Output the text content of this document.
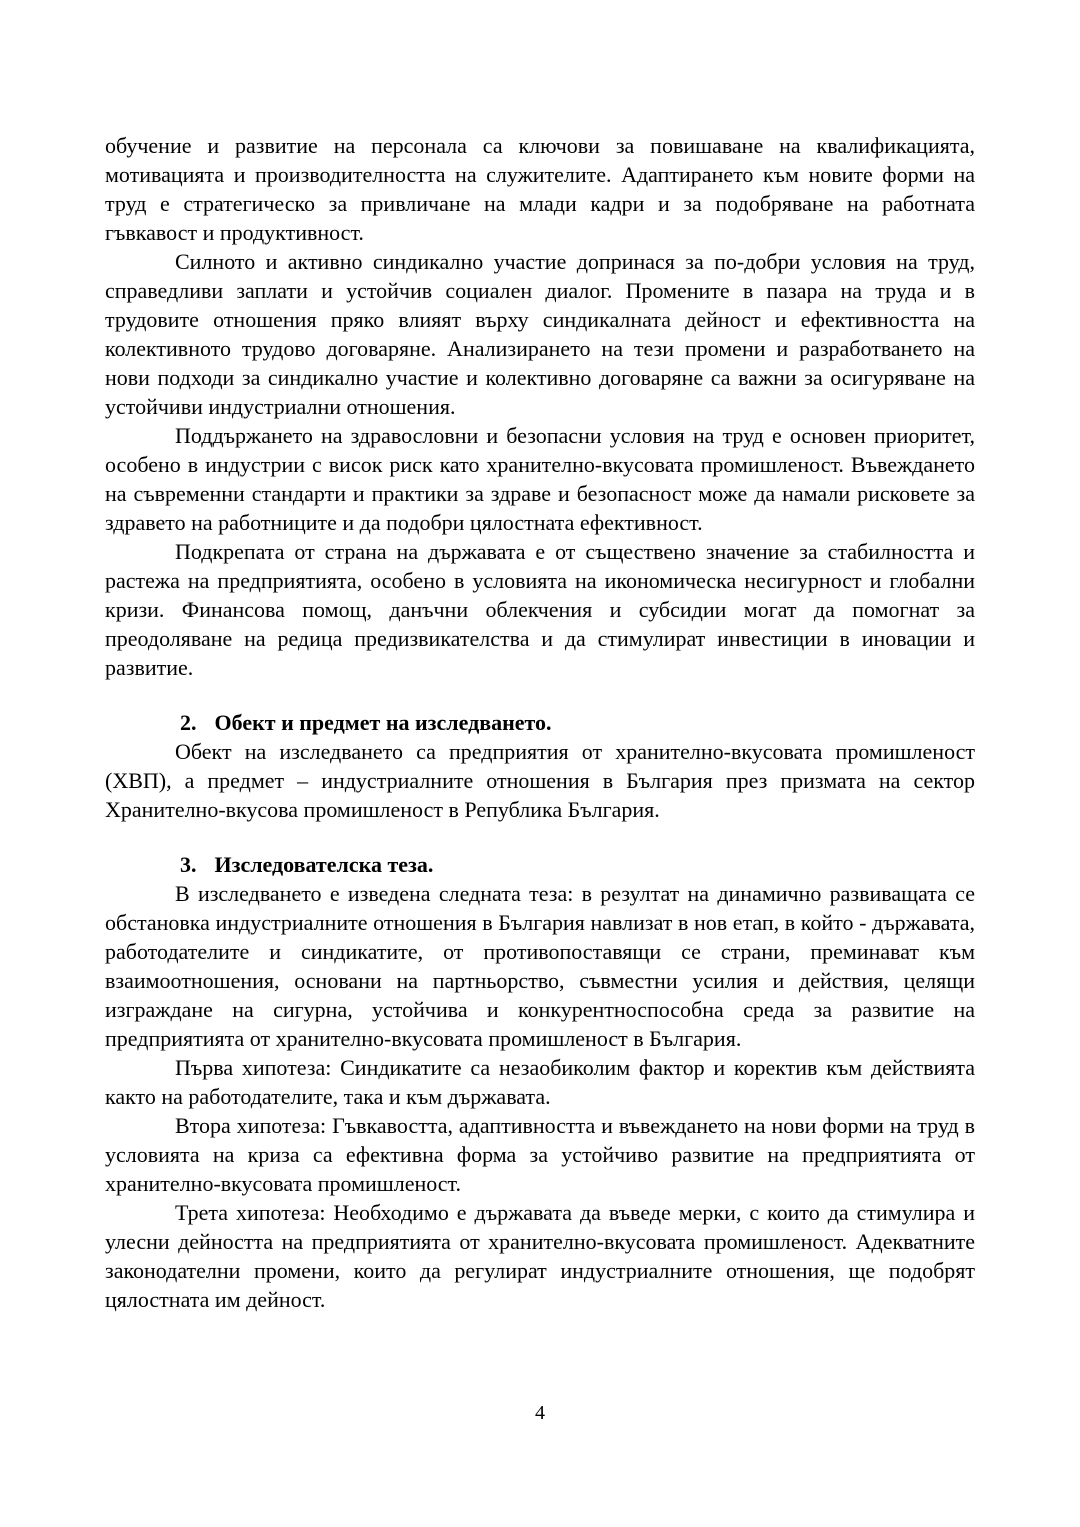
обучение и развитие на персонала са ключови за повишаване на квалификацията, мотивацията и производителността на служителите. Адаптирането към новите форми на труд е стратегическо за привличане на млади кадри и за подобряване на работната гъвкавост и продуктивност.

Силното и активно синдикално участие допринася за по-добри условия на труд, справедливи заплати и устойчив социален диалог. Промените в пазара на труда и в трудовите отношения пряко влияят върху синдикалната дейност и ефективността на колективното трудово договаряне. Анализирането на тези промени и разработването на нови подходи за синдикално участие и колективно договаряне са важни за осигуряване на устойчиви индустриални отношения.

Поддържането на здравословни и безопасни условия на труд е основен приоритет, особено в индустрии с висок риск като хранително-вкусовата промишленост. Въвеждането на съвременни стандарти и практики за здраве и безопасност може да намали рисковете за здравето на работниците и да подобри цялостната ефективност.

Подкрепата от страна на държавата е от съществено значение за стабилността и растежа на предприятията, особено в условията на икономическа несигурност и глобални кризи. Финансова помощ, данъчни облекчения и субсидии могат да помогнат за преодоляване на редица предизвикателства и да стимулират инвестиции в иновации и развитие.

2. Обект и предмет на изследването.

Обект на изследването са предприятия от хранително-вкусовата промишленост (ХВП), а предмет – индустриалните отношения в България през призмата на сектор Хранително-вкусова промишленост в Република България.

3. Изследователска теза.

В изследването е изведена следната теза: в резултат на динамично развиващата се обстановка индустриалните отношения в България навлизат в нов етап, в който - държавата, работодателите и синдикатите, от противопоставящи се страни, преминават към взаимоотношения, основани на партньорство, съвместни усилия и действия, целящи изграждане на сигурна, устойчива и конкурентноспособна среда за развитие на предприятията от хранително-вкусовата промишленост в България.

Първа хипотеза: Синдикатите са незаобиколим фактор и коректив към действията както на работодателите, така и към държавата.

Втора хипотеза: Гъвкавостта, адаптивността и въвеждането на нови форми на труд в условията на криза са ефективна форма за устойчиво развитие на предприятията от хранително-вкусовата промишленост.

Трета хипотеза: Необходимо е държавата да въведе мерки, с които да стимулира и улесни дейността на предприятията от хранително-вкусовата промишленост. Адекватните законодателни промени, които да регулират индустриалните отношения, ще подобрят цялостната им дейност.

4
